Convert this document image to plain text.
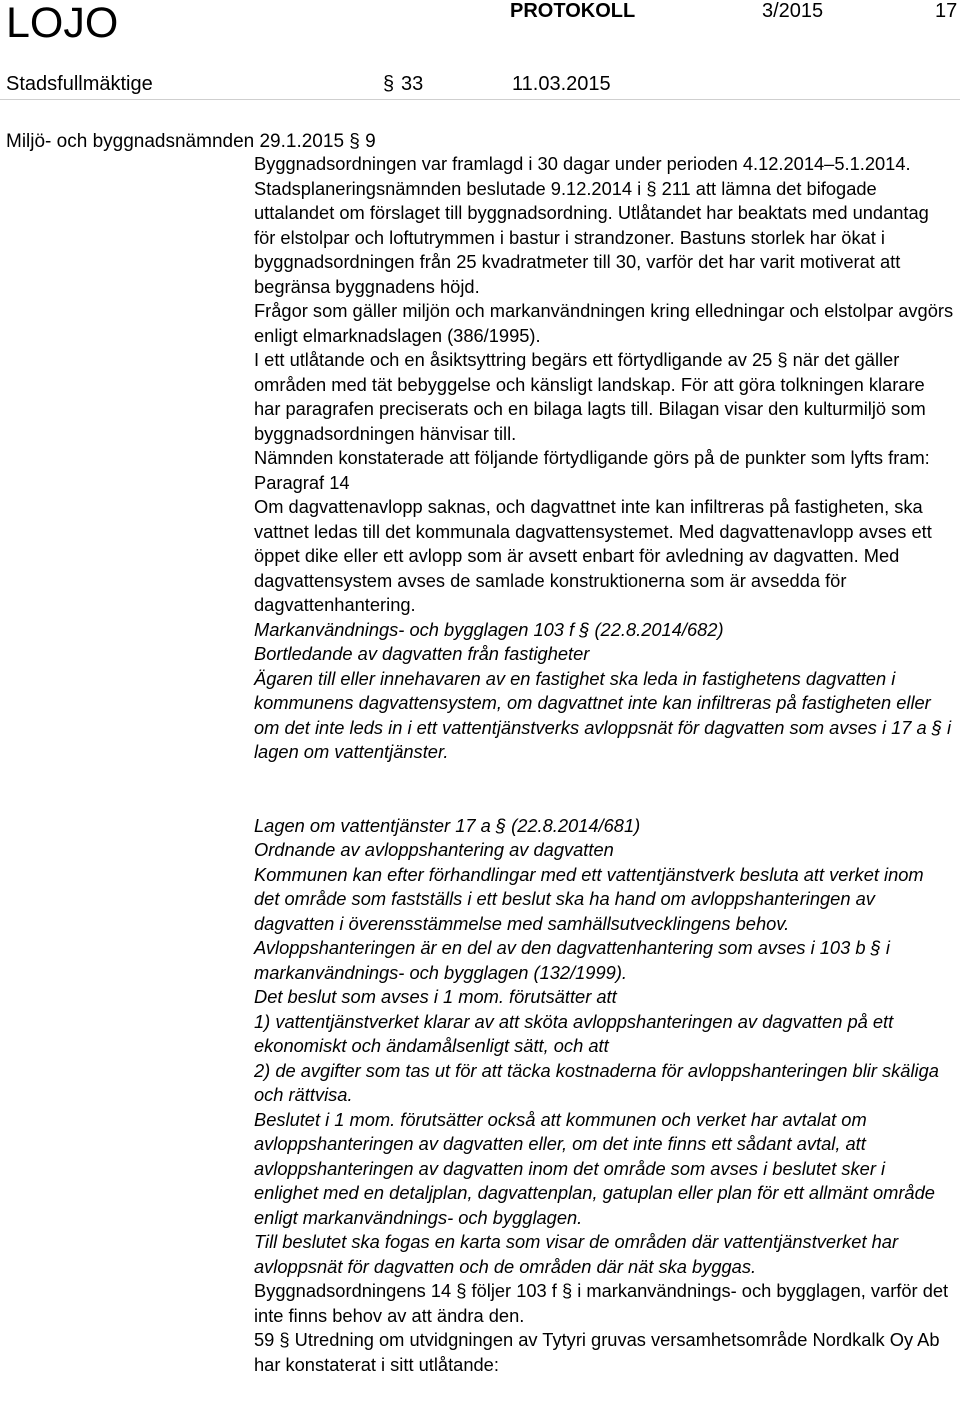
LOJO	PROTOKOLL	3/2015	17
Stadsfullmäktige	§ 33	11.03.2015
Miljö- och byggnadsnämnden 29.1.2015 § 9

Byggnadsordningen var framlagd i 30 dagar under perioden 4.12.2014–5.1.2014. Stadsplaneringsnämnden beslutade 9.12.2014 i § 211 att lämna det bifogade uttalandet om förslaget till byggnadsordning. Utlåtandet har beaktats med undantag för elstolpar och loftutrymmen i bastur i strandzoner. Bastuns storlek har ökat i byggnadsordningen från 25 kvadratmeter till 30, varför det har varit motiverat att begränsa byggnadens höjd.

Frågor som gäller miljön och markanvändningen kring elledningar och elstolpar avgörs enligt elmarknadslagen (386/1995).

I ett utlåtande och en åsiktsyttring begärs ett förtydligande av 25 § när det gäller områden med tät bebyggelse och känsligt landskap. För att göra tolkningen klarare har paragrafen preciserats och en bilaga lagts till. Bilagan visar den kulturmiljö som byggnadsordningen hänvisar till.

Nämnden konstaterade att följande förtydligande görs på de punkter som lyfts fram: Paragraf 14

Om dagvattenavlopp saknas, och dagvattnet inte kan infiltreras på fastigheten, ska vattnet ledas till det kommunala dagvattensystemet. Med dagvattenavlopp avses ett öppet dike eller ett avlopp som är avsett enbart för avledning av dagvatten. Med dagvattensystem avses de samlade konstruktionerna som är avsedda för dagvattenhantering.

Markanvändnings- och bygglagen 103 f § (22.8.2014/682)

Bortledande av dagvatten från fastigheter

Ägaren till eller innehavaren av en fastighet ska leda in fastighetens dagvatten i kommunens dagvattensystem, om dagvattnet inte kan infiltreras på fastigheten eller om det inte leds in i ett vattentjänstverks avloppsnät för dagvatten som avses i 17 a § i lagen om vattentjänster.

Lagen om vattentjänster 17 a § (22.8.2014/681)

Ordnande av avloppshantering av dagvatten

Kommunen kan efter förhandlingar med ett vattentjänstverk besluta att verket inom det område som fastställs i ett beslut ska ha hand om avloppshanteringen av dagvatten i överensstämmelse med samhällsutvecklingens behov. Avloppshanteringen är en del av den dagvattenhantering som avses i 103 b § i markanvändnings- och bygglagen (132/1999).

Det beslut som avses i 1 mom. förutsätter att

1) vattentjänstverket klarar av att sköta avloppshanteringen av dagvatten på ett ekonomiskt och ändamålsenligt sätt, och att

2) de avgifter som tas ut för att täcka kostnaderna för avloppshanteringen blir skäliga och rättvisa.

Beslutet i 1 mom. förutsätter också att kommunen och verket har avtalat om avloppshanteringen av dagvatten eller, om det inte finns ett sådant avtal, att avloppshanteringen av dagvatten inom det område som avses i beslutet sker i enlighet med en detaljplan, dagvattenplan, gatuplan eller plan för ett allmänt område enligt markanvändnings- och bygglagen.

Till beslutet ska fogas en karta som visar de områden där vattentjänstverket har avloppsnät för dagvatten och de områden där nät ska byggas.

Byggnadsordningens 14 § följer 103 f § i markanvändnings- och bygglagen, varför det inte finns behov av att ändra den.

59 § Utredning om utvidgningen av Tytyri gruvas versamhetsområde Nordkalk Oy Ab har konstaterat i sitt utlåtande:
